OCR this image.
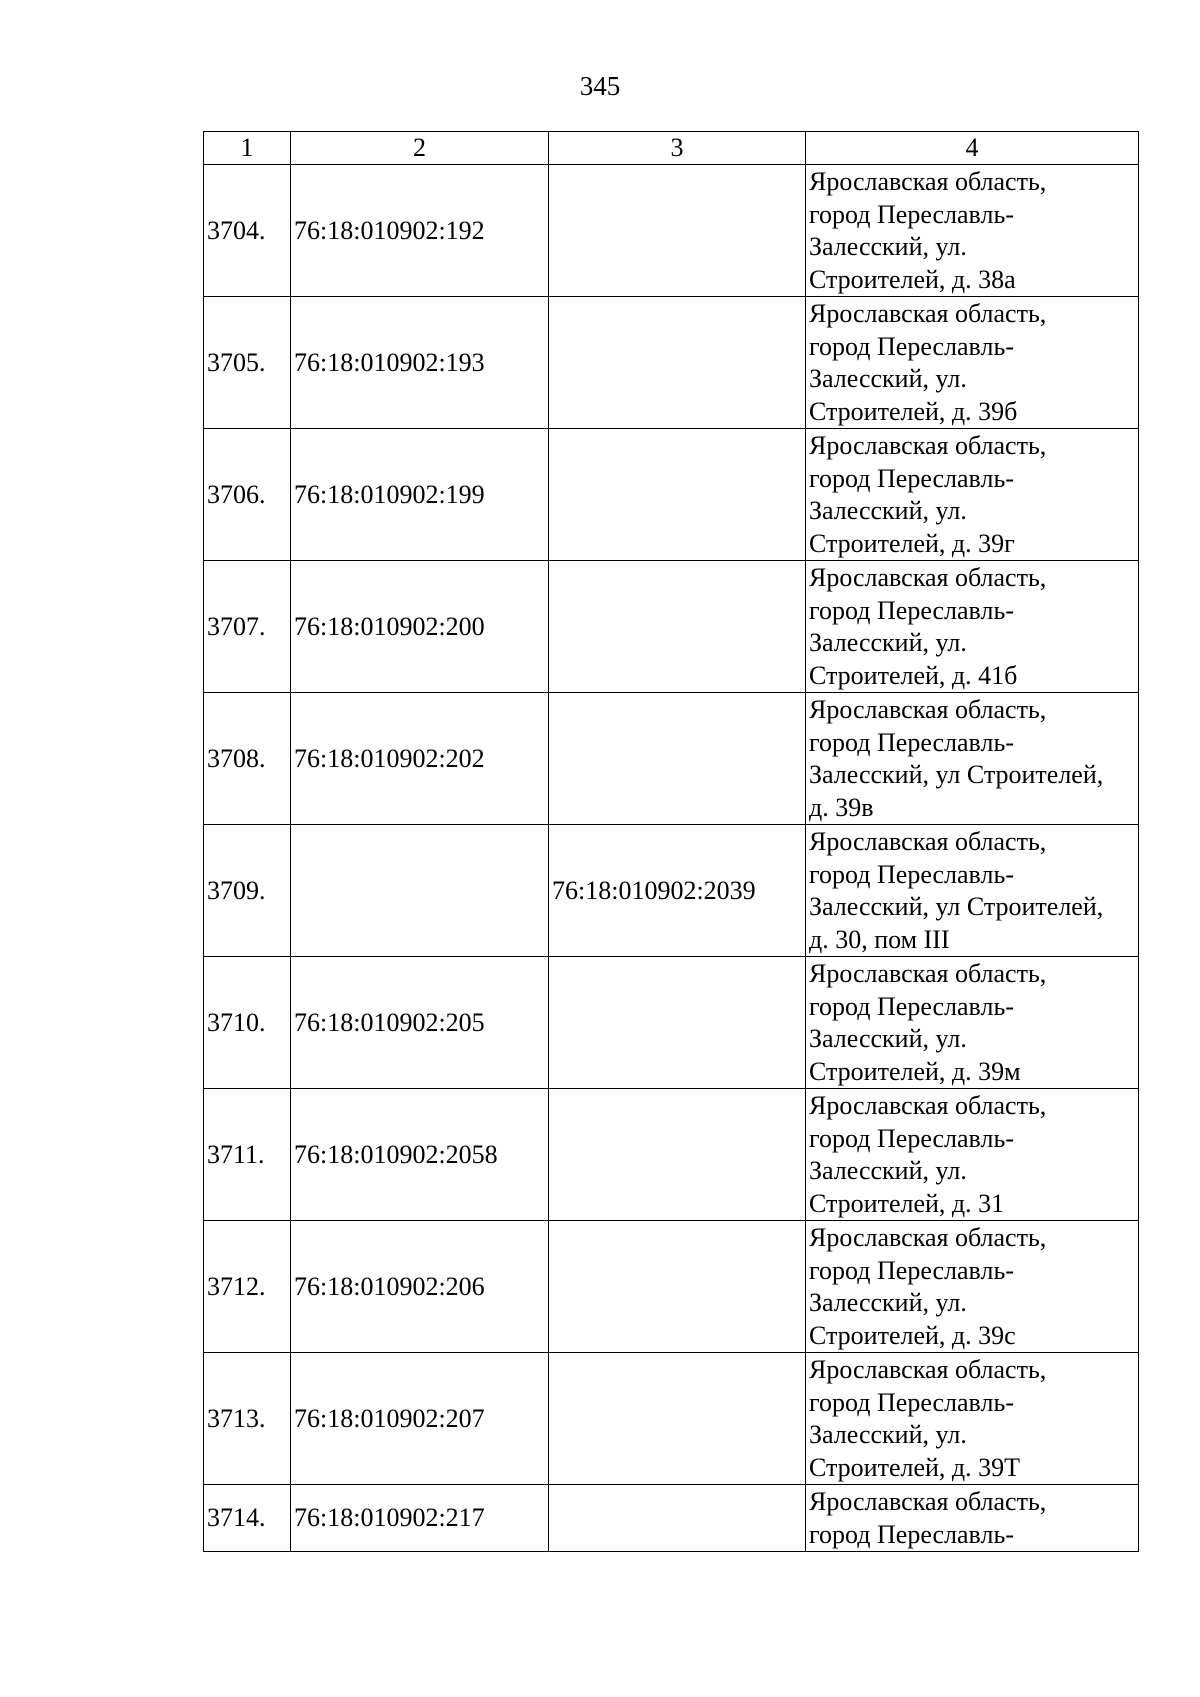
345
1	2	3	4
3704.	76:18:010902:192		Ярославская область,
город Переславль-
Залесский, ул.
Строителей, д. 38а

3705.	76:18:010902:193		Ярославская область,
город Переславль-
Залесский, ул.
Строителей, д. 39б

3706.	76:18:010902:199		Ярославская область,
город Переславль-
Залесский, ул.
Строителей, д. 39г

3707.	76:18:010902:200		Ярославская область,
город Переславль-
Залесский, ул.
Строителей, д. 41б

3708.	76:18:010902:202		Ярославская область,
город Переславль-
Залесский, ул Строителей,
д. 39в

3709.		76:18:010902:2039	Ярославская область,
город Переславль-
Залесский, ул Строителей,
д. 30, пом III

3710.	76:18:010902:205		Ярославская область,
город Переславль-
Залесский, ул.
Строителей, д. 39м

3711.	76:18:010902:2058		Ярославская область,
город Переславль-
Залесский, ул.
Строителей, д. 31

3712.	76:18:010902:206		Ярославская область,
город Переславль-
Залесский, ул.
Строителей, д. 39с

3713.	76:18:010902:207		Ярославская область,
город Переславль-
Залесский, ул.
Строителей, д. 39Т

3714.	76:18:010902:217		Ярославская область,
город Переславль-
